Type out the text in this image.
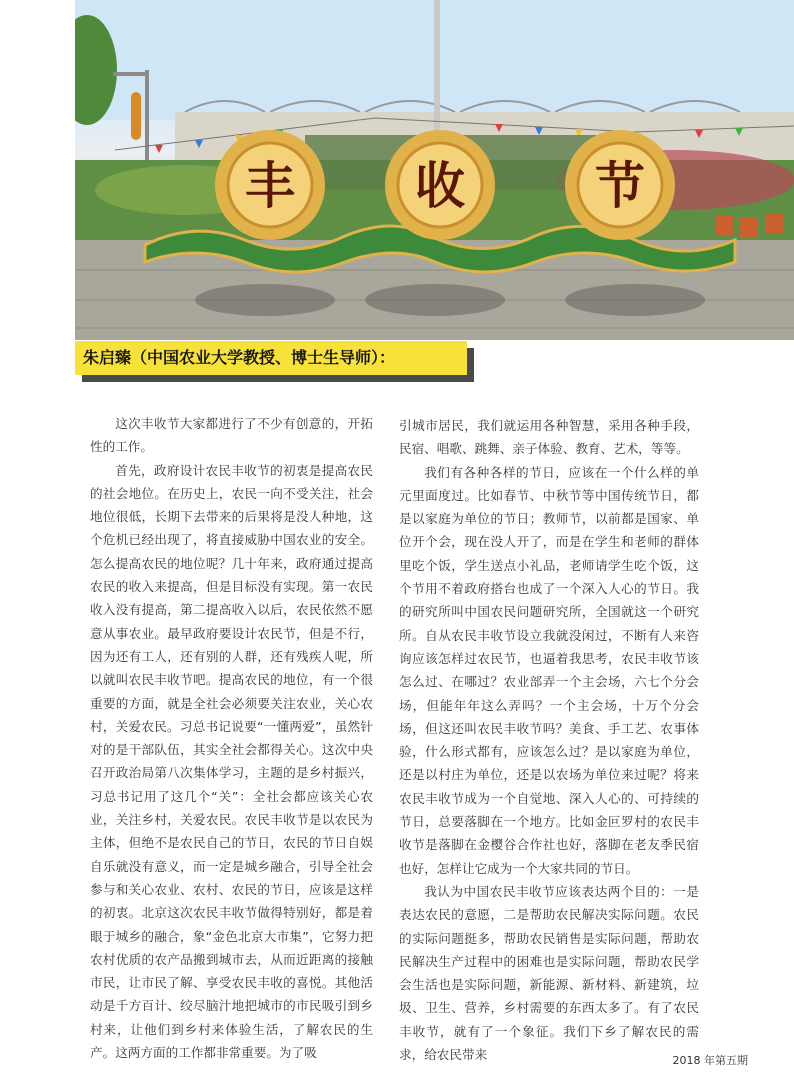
丰 收	节
朱启臻（中国农业大学教授、博士生导师）：

这次丰收节大家都进行了不少有创意的，开拓性的工作。

首先，政府设计农民丰收节的初衷是提高农民的社会地位。在历史上，农民一向不受关注，社会地位很低，长期下去带来的后果将是没人种地，这个危机已经出现了，将直接威胁中国农业的安全。怎么提高农民的地位呢？几十年来，政府通过提高农民的收入来提高，但是目标没有实现。第一农民收入没有提高，第二提高收入以后，农民依然不愿意从事农业。最早政府要设计农民节，但是不行，因为还有工人，还有别的人群，还有残疾人呢，所以就叫农民丰收节吧。提高农民的地位，有一个很重要的方面，就是全社会必须要关注农业，关心农村，关爱农民。习总书记说要“一懂两爱”，虽然针对的是干部队伍，其实全社会都得关心。这次中央召开政治局第八次集体学习，主题的是乡村振兴，习总书记用了这几个“关”：全社会都应该关心农业，关注乡村，关爱农民。农民丰收节是以农民为主体，但绝不是农民自己的节日，农民的节日自娱自乐就没有意义，而一定是城乡融合，引导全社会参与和关心农业、农村、农民的节日，应该是这样的初衷。北京这次农民丰收节做得特别好，都是着眼于城乡的融合，象“金色北京大市集”，它努力把农村优质的农产品搬到城市去，从而近距离的接触市民，让市民了解、享受农民丰收的喜悦。其他活动是千方百计、绞尽脑汁地把城市的市民吸引到乡村来，让他们到乡村来体验生活，了解农民的生产。这两方面的工作都非常重要。为了吸

引城市居民，我们就运用各种智慧，采用各种手段，民宿、唱歌、跳舞、亲子体验、教育、艺术，等等。

我们有各种各样的节日，应该在一个什么样的单元里面度过。比如春节、中秋节等中国传统节日，都是以家庭为单位的节日；教师节，以前都是国家、单位开个会，现在没人开了，而是在学生和老师的群体里吃个饭，学生送点小礼品，老师请学生吃个饭，这个节用不着政府搭台也成了一个深入人心的节日。我的研究所叫中国农民问题研究所，全国就这一个研究所。自从农民丰收节设立我就没闲过，不断有人来咨询应该怎样过农民节，也逼着我思考，农民丰收节该怎么过、在哪过？农业部弄一个主会场，六七个分会场，但能年年这么弄吗？一个主会场，十万个分会场，但这还叫农民丰收节吗？美食、手工艺、农事体验，什么形式都有，应该怎么过？是以家庭为单位，还是以村庄为单位，还是以农场为单位来过呢？将来农民丰收节成为一个自觉地、深入人心的、可持续的节日，总要落脚在一个地方。比如金叵罗村的农民丰收节是落脚在金樱谷合作社也好，落脚在老友季民宿也好，怎样让它成为一个大家共同的节日。

我认为中国农民丰收节应该表达两个目的：一是表达农民的意愿，二是帮助农民解决实际问题。农民的实际问题挺多，帮助农民销售是实际问题，帮助农民解决生产过程中的困难也是实际问题，帮助农民学会生活也是实际问题，新能源、新材料、新建筑，垃圾、卫生、营养，乡村需要的东西太多了。有了农民丰收节，就有了一个象征。我们下乡了解农民的需求，给农民带来	2018 年第五期
